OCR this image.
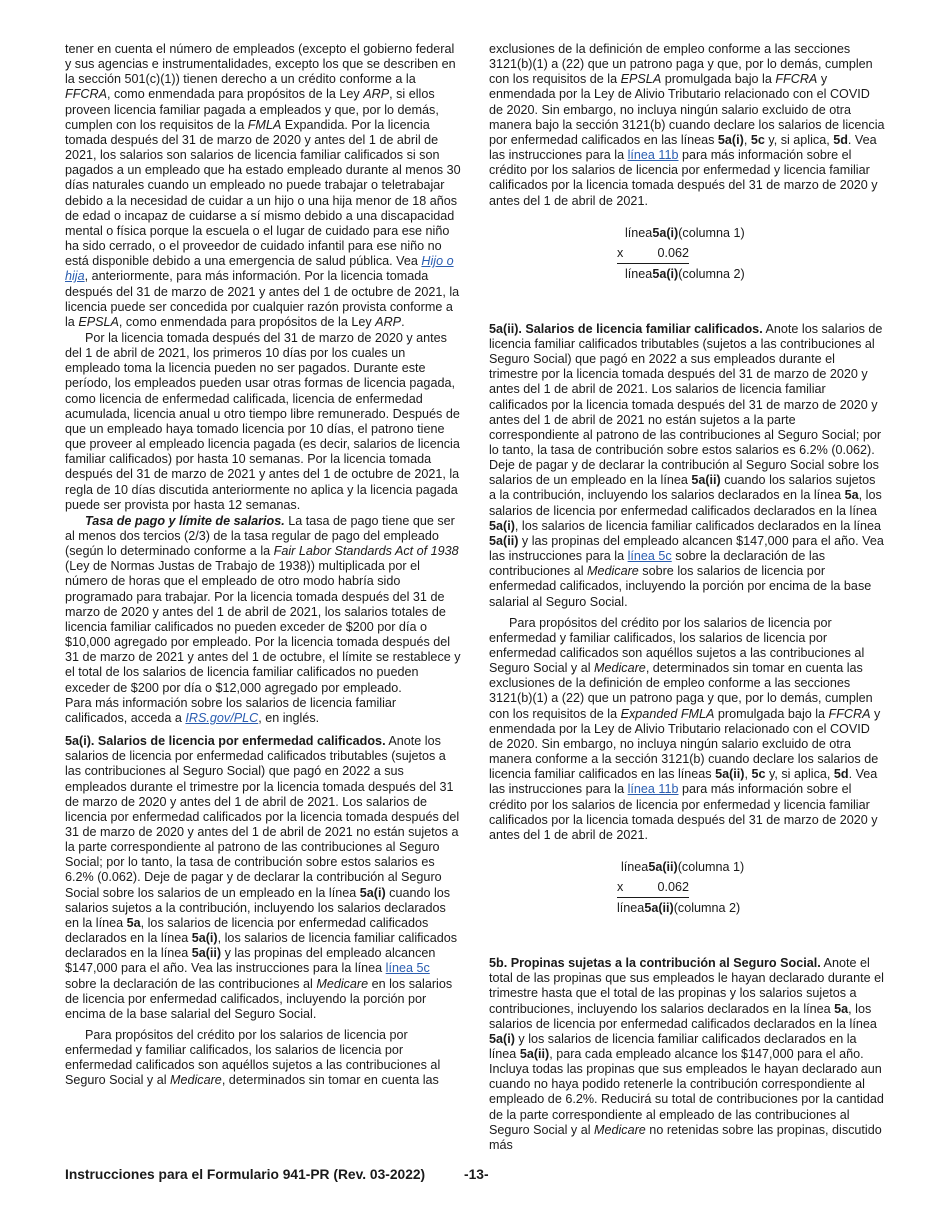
tener en cuenta el número de empleados (excepto el gobierno federal y sus agencias e instrumentalidades, excepto los que se describen en la sección 501(c)(1)) tienen derecho a un crédito conforme a la FFCRA, como enmendada para propósitos de la Ley ARP, si ellos proveen licencia familiar pagada a empleados y que, por lo demás, cumplen con los requisitos de la FMLA Expandida. Por la licencia tomada después del 31 de marzo de 2020 y antes del 1 de abril de 2021, los salarios son salarios de licencia familiar calificados si son pagados a un empleado que ha estado empleado durante al menos 30 días naturales cuando un empleado no puede trabajar o teletrabajar debido a la necesidad de cuidar a un hijo o una hija menor de 18 años de edad o incapaz de cuidarse a sí mismo debido a una discapacidad mental o física porque la escuela o el lugar de cuidado para ese niño ha sido cerrado, o el proveedor de cuidado infantil para ese niño no está disponible debido a una emergencia de salud pública. Vea Hijo o hija, anteriormente, para más información. Por la licencia tomada después del 31 de marzo de 2021 y antes del 1 de octubre de 2021, la licencia puede ser concedida por cualquier razón provista conforme a la EPSLA, como enmendada para propósitos de la Ley ARP.

Por la licencia tomada después del 31 de marzo de 2020 y antes del 1 de abril de 2021, los primeros 10 días por los cuales un empleado toma la licencia pueden no ser pagados. Durante este período, los empleados pueden usar otras formas de licencia pagada, como licencia de enfermedad calificada, licencia de enfermedad acumulada, licencia anual u otro tiempo libre remunerado. Después de que un empleado haya tomado licencia por 10 días, el patrono tiene que proveer al empleado licencia pagada (es decir, salarios de licencia familiar calificados) por hasta 10 semanas. Por la licencia tomada después del 31 de marzo de 2021 y antes del 1 de octubre de 2021, la regla de 10 días discutida anteriormente no aplica y la licencia pagada puede ser provista por hasta 12 semanas.

Tasa de pago y límite de salarios. La tasa de pago tiene que ser al menos dos tercios (2/3) de la tasa regular de pago del empleado (según lo determinado conforme a la Fair Labor Standards Act of 1938 (Ley de Normas Justas de Trabajo de 1938)) multiplicada por el número de horas que el empleado de otro modo habría sido programado para trabajar. Por la licencia tomada después del 31 de marzo de 2020 y antes del 1 de abril de 2021, los salarios totales de licencia familiar calificados no pueden exceder de $200 por día o $10,000 agregado por empleado. Por la licencia tomada después del 31 de marzo de 2021 y antes del 1 de octubre, el límite se restablece y el total de los salarios de licencia familiar calificados no pueden exceder de $200 por día o $12,000 agregado por empleado.

Para más información sobre los salarios de licencia familiar calificados, acceda a IRS.gov/PLC, en inglés.

5a(i). Salarios de licencia por enfermedad calificados. Anote los salarios de licencia por enfermedad calificados tributables (sujetos a las contribuciones al Seguro Social) que pagó en 2022 a sus empleados durante el trimestre por la licencia tomada después del 31 de marzo de 2020 y antes del 1 de abril de 2021. Los salarios de licencia por enfermedad calificados por la licencia tomada después del 31 de marzo de 2020 y antes del 1 de abril de 2021 no están sujetos a la parte correspondiente al patrono de las contribuciones al Seguro Social; por lo tanto, la tasa de contribución sobre estos salarios es 6.2% (0.062). Deje de pagar y de declarar la contribución al Seguro Social sobre los salarios de un empleado en la línea 5a(i) cuando los salarios sujetos a la contribución, incluyendo los salarios declarados en la línea 5a, los salarios de licencia por enfermedad calificados declarados en la línea 5a(i), los salarios de licencia familiar calificados declarados en la línea 5a(ii) y las propinas del empleado alcancen $147,000 para el año. Vea las instrucciones para la línea línea 5c sobre la declaración de las contribuciones al Medicare en los salarios de licencia por enfermedad calificados, incluyendo la porción por encima de la base salarial del Seguro Social.

Para propósitos del crédito por los salarios de licencia por enfermedad y familiar calificados, los salarios de licencia por enfermedad calificados son aquéllos sujetos a las contribuciones al Seguro Social y al Medicare, determinados sin tomar en cuenta las

exclusiones de la definición de empleo conforme a las secciones 3121(b)(1) a (22) que un patrono paga y que, por lo demás, cumplen con los requisitos de la EPSLA promulgada bajo la FFCRA y enmendada por la Ley de Alivio Tributario relacionado con el COVID de 2020. Sin embargo, no incluya ningún salario excluido de otra manera bajo la sección 3121(b) cuando declare los salarios de licencia por enfermedad calificados en las líneas 5a(i), 5c y, si aplica, 5d. Vea las instrucciones para la línea 11b para más información sobre el crédito por los salarios de licencia por enfermedad y licencia familiar calificados por la licencia tomada después del 31 de marzo de 2020 y antes del 1 de abril de 2021.

línea 5a(i) (columna 1)
x	0.062
línea 5a(i) (columna 2)

5a(ii). Salarios de licencia familiar calificados. Anote los salarios de licencia familiar calificados tributables (sujetos a las contribuciones al Seguro Social) que pagó en 2022 a sus empleados durante el trimestre por la licencia tomada después del 31 de marzo de 2020 y antes del 1 de abril de 2021. Los salarios de licencia familiar calificados por la licencia tomada después del 31 de marzo de 2020 y antes del 1 de abril de 2021 no están sujetos a la parte correspondiente al patrono de las contribuciones al Seguro Social; por lo tanto, la tasa de contribución sobre estos salarios es 6.2% (0.062). Deje de pagar y de declarar la contribución al Seguro Social sobre los salarios de un empleado en la línea 5a(ii) cuando los salarios sujetos a la contribución, incluyendo los salarios declarados en la línea 5a, los salarios de licencia por enfermedad calificados declarados en la línea 5a(i), los salarios de licencia familiar calificados declarados en la línea 5a(ii) y las propinas del empleado alcancen $147,000 para el año. Vea las instrucciones para la línea 5c sobre la declaración de las contribuciones al Medicare sobre los salarios de licencia por enfermedad calificados, incluyendo la porción por encima de la base salarial al Seguro Social.

Para propósitos del crédito por los salarios de licencia por enfermedad y familiar calificados, los salarios de licencia por enfermedad calificados son aquéllos sujetos a las contribuciones al Seguro Social y al Medicare, determinados sin tomar en cuenta las exclusiones de la definición de empleo conforme a las secciones 3121(b)(1) a (22) que un patrono paga y que, por lo demás, cumplen con los requisitos de la Expanded FMLA promulgada bajo la FFCRA y enmendada por la Ley de Alivio Tributario relacionado con el COVID de 2020. Sin embargo, no incluya ningún salario excluido de otra manera conforme a la sección 3121(b) cuando declare los salarios de licencia familiar calificados en las líneas 5a(ii), 5c y, si aplica, 5d. Vea las instrucciones para la línea 11b para más información sobre el crédito por los salarios de licencia por enfermedad y licencia familiar calificados por la licencia tomada después del 31 de marzo de 2020 y antes del 1 de abril de 2021.

línea 5a(ii) (columna 1)
x	0.062
línea 5a(ii) (columna 2)

5b. Propinas sujetas a la contribución al Seguro Social. Anote el total de las propinas que sus empleados le hayan declarado durante el trimestre hasta que el total de las propinas y los salarios sujetos a contribuciones, incluyendo los salarios declarados en la línea 5a, los salarios de licencia por enfermedad calificados declarados en la línea 5a(i) y los salarios de licencia familiar calificados declarados en la línea 5a(ii), para cada empleado alcance los $147,000 para el año. Incluya todas las propinas que sus empleados le hayan declarado aun cuando no haya podido retenerle la contribución correspondiente al empleado de 6.2%. Reducirá su total de contribuciones por la cantidad de la parte correspondiente al empleado de las contribuciones al Seguro Social y al Medicare no retenidas sobre las propinas, discutido más

Instrucciones para el Formulario 941-PR (Rev. 03-2022)	-13-
